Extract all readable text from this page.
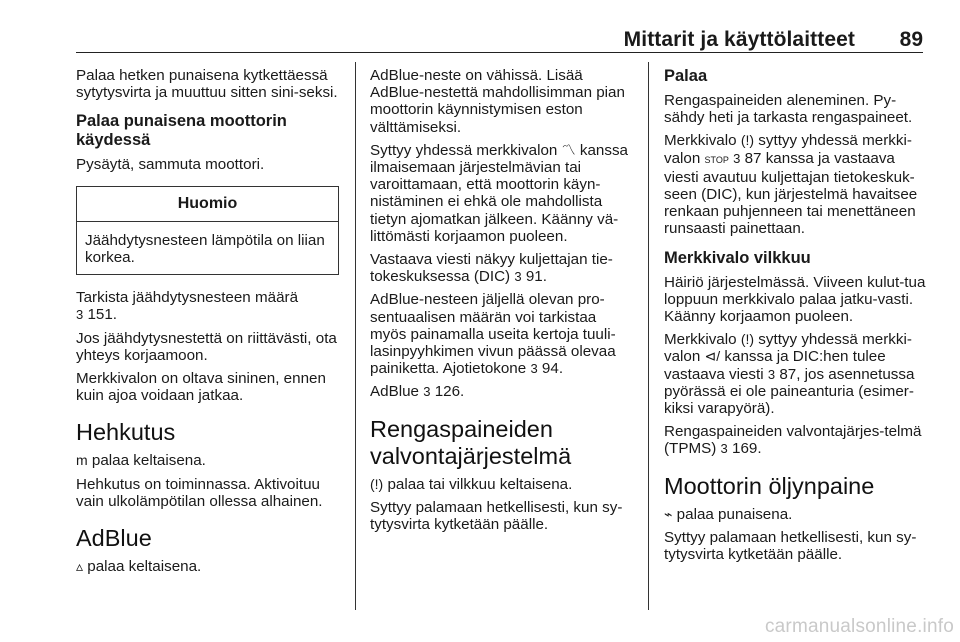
Mittarit ja käyttölaitteet 89

Palaa hetken punaisena kytkettäessä sytytysvirta ja muuttuu sitten sini-seksi.

Palaa punaisena moottorin käydessä

Pysäytä, sammuta moottori.

Huomio
Jäähdytysnesteen lämpötila on liian korkea.

Tarkista jäähdytysnesteen määrä
3 151.

Jos jäähdytysnestettä on riittävästi, ota yhteys korjaamoon.

Merkkivalon on oltava sininen, ennen kuin ajoa voidaan jatkaa.

Hehkutus

m palaa keltaisena.

Hehkutus on toiminnassa. Aktivoituu vain ulkolämpötilan ollessa alhainen.

AdBlue

▵ palaa keltaisena.

AdBlue-neste on vähissä. Lisää AdBlue-nestettä mahdollisimman pian moottorin käynnistymisen eston välttämiseksi.

Syttyy yhdessä merkkivalon 〽 kanssa ilmaisemaan järjestelmävian tai varoittamaan, että moottorin käyn-nistäminen ei ehkä ole mahdollista tietyn ajomatkan jälkeen. Käänny vä-littömästi korjaamon puoleen.

Vastaava viesti näkyy kuljettajan tie-tokeskuksessa (DIC) 3 91.

AdBlue-nesteen jäljellä olevan pro-sentuaalisen määrän voi tarkistaa myös painamalla useita kertoja tuuli-lasinpyyhkimen vivun päässä olevaa painiketta. Ajotietokone 3 94.

AdBlue 3 126.

Rengaspaineiden valvontajärjestelmä

(!) palaa tai vilkkuu keltaisena.

Syttyy palamaan hetkellisesti, kun sy-tytysvirta kytketään päälle.

Palaa

Rengaspaineiden aleneminen. Py-sähdy heti ja tarkasta rengaspaineet.

Merkkivalo (!) syttyy yhdessä merkki-valon STOP 3 87 kanssa ja vastaava viesti avautuu kuljettajan tietokeskuk-seen (DIC), kun järjestelmä havaitsee renkaan puhjenneen tai menettäneen runsaasti painettaan.

Merkkivalo vilkkuu

Häiriö järjestelmässä. Viiveen kulut-tua loppuun merkkivalo palaa jatku-vasti. Käänny korjaamon puoleen.

Merkkivalo (!) syttyy yhdessä merkki-valon ⊲/ kanssa ja DIC:hen tulee vastaava viesti 3 87, jos asennetussa pyörässä ei ole paineanturia (esimer-kiksi varapyörä).

Rengaspaineiden valvontajärjes-telmä (TPMS) 3 169.

Moottorin öljynpaine

⌁ palaa punaisena.

Syttyy palamaan hetkellisesti, kun sy-tytysvirta kytketään päälle.

carmanualsonline.info
